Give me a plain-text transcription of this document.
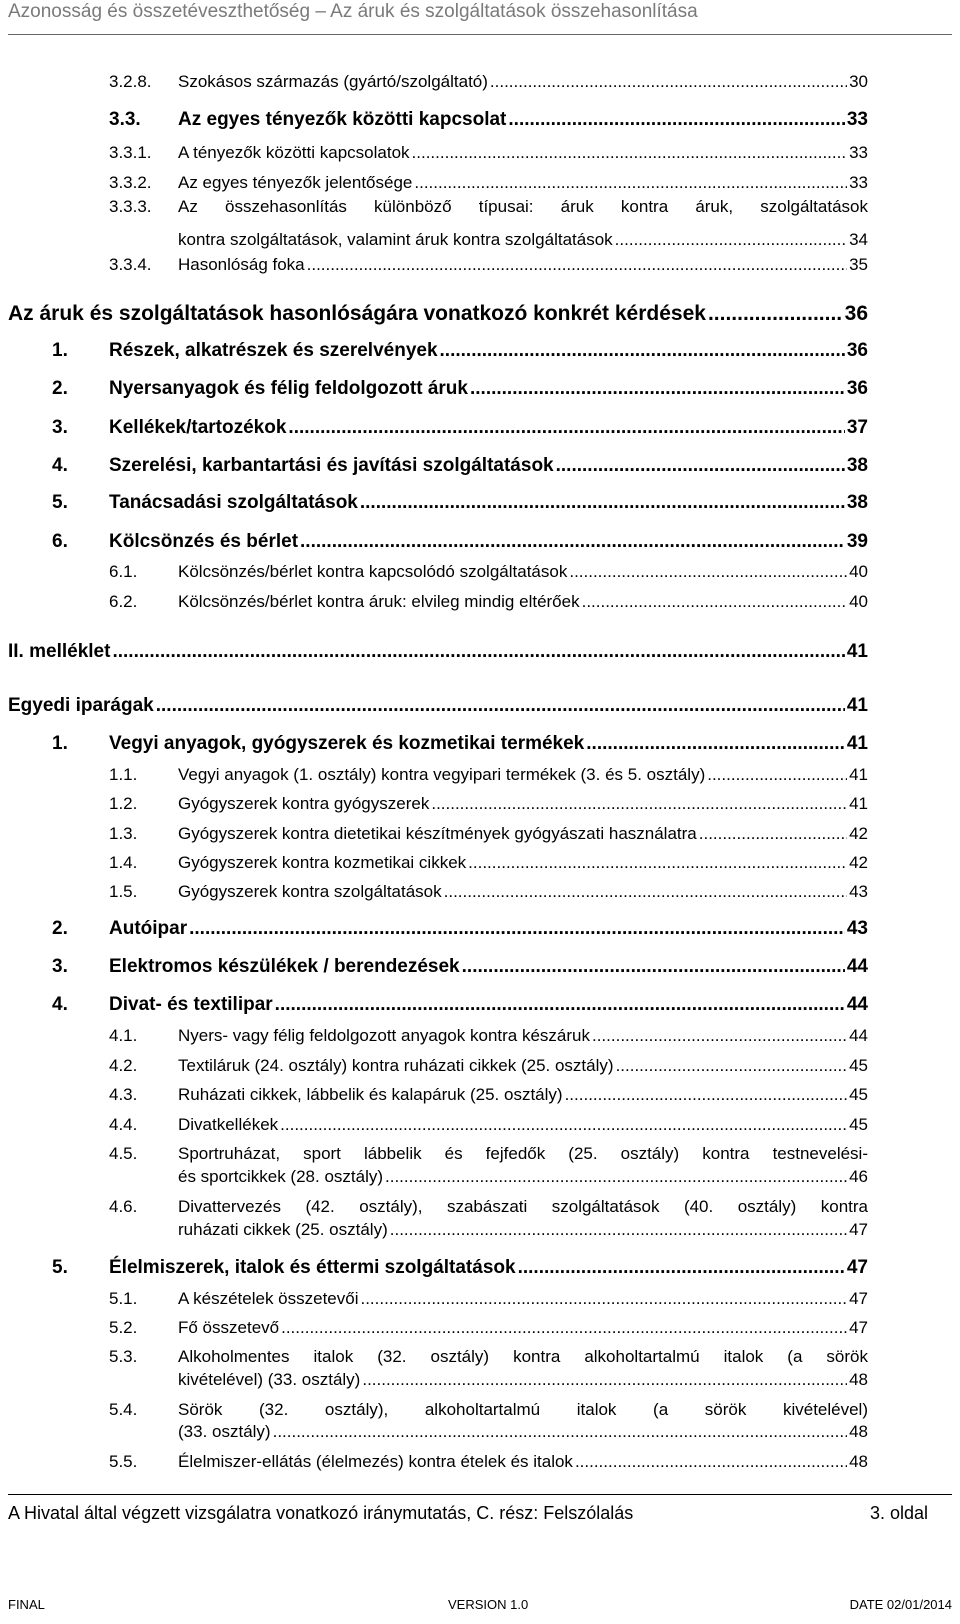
Azonosság és összetéveszthetőség – Az áruk és szolgáltatások összehasonlítása
3.2.8. Szokásos származás (gyártó/szolgáltató) .....	30
3.3. Az egyes tényezők közötti kapcsolat .....	33
3.3.1. A tényezők közötti kapcsolatok .....	33
3.3.2. Az egyes tényezők jelentősége .....	33
3.3.3. Az összehasonlítás különböző típusai: áruk kontra áruk, szolgáltatások
kontra szolgáltatások, valamint áruk kontra szolgáltatások .....	34
3.3.4. Hasonlóság foka .....	35
Az áruk és szolgáltatások hasonlóságára vonatkozó konkrét kérdések .....	36
1. Részek, alkatrészek és szerelvények .....	36
2. Nyersanyagok és félig feldolgozott áruk .....	36
3. Kellékek/tartozékok .....	37
4. Szerelési, karbantartási és javítási szolgáltatások .....	38
5. Tanácsadási szolgáltatások .....	38
6. Kölcsönzés és bérlet .....	39
6.1. Kölcsönzés/bérlet kontra kapcsolódó szolgáltatások .....	40
6.2. Kölcsönzés/bérlet kontra áruk: elvileg mindig eltérőek .....	40
II. melléklet .....	41
Egyedi iparágak .....	41
1. Vegyi anyagok, gyógyszerek és kozmetikai termékek .....	41
1.1. Vegyi anyagok (1. osztály) kontra vegyipari termékek (3. és 5. osztály) .....	41
1.2. Gyógyszerek kontra gyógyszerek .....	41
1.3. Gyógyszerek kontra dietetikai készítmények gyógyászati használatra .....	42
1.4. Gyógyszerek kontra kozmetikai cikkek .....	42
1.5. Gyógyszerek kontra szolgáltatások .....	43
2. Autóipar .....	43
3. Elektromos készülékek / berendezések .....	44
4. Divat- és textilipar .....	44
4.1. Nyers- vagy félig feldolgozott anyagok kontra készáruk .....	44
4.2. Textiláruk (24. osztály) kontra ruházati cikkek (25. osztály) .....	45
4.3. Ruházati cikkek, lábbelik és kalapáruk (25. osztály) .....	45
4.4. Divatkellékek .....	45
4.5. Sportruházat, sport lábbelik és fejfedők (25. osztály) kontra testnevelési-
és sportcikkek (28. osztály) .....	46
4.6. Divattervezés (42. osztály), szabászati szolgáltatások (40. osztály) kontra
ruházati cikkek (25. osztály) .....	47
5. Élelmiszerek, italok és éttermi szolgáltatások .....	47
5.1. A készételek összetevői .....	47
5.2. Fő összetevő .....	47
5.3. Alkoholmentes italok (32. osztály) kontra alkoholtartalmú italok (a sörök
kivételével) (33. osztály) .....	48
5.4. Sörök (32. osztály), alkoholtartalmú italok (a sörök kivételével)
(33. osztály) .....	48
5.5. Élelmiszer-ellátás (élelmezés) kontra ételek és italok .....	48
A Hivatal által végzett vizsgálatra vonatkozó iránymutatás, C. rész: Felszólalás	3. oldal
FINAL	VERSION 1.0	DATE 02/01/2014
